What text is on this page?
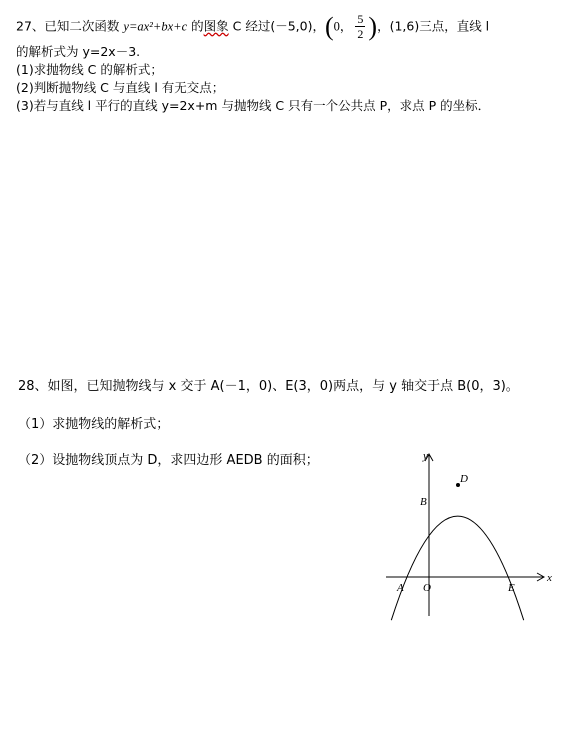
27、已知二次函数 y=ax²+bx+c 的图象 C 经过(－5,0)，(0， $\frac{5}{2}$ )，(1,6)三点，直线 l
的解析式为 y=2x－3.
(1)求抛物线 C 的解析式；
(2)判断抛物线 C 与直线 l 有无交点；
(3)若与直线 l 平行的直线 y=2x+m 与抛物线 C 只有一个公共点 P，求点 P 的坐标．
28、如图，已知抛物线与 x 交于 A(－1，0)、E(3，0)两点，与 y 轴交于点 B(0，3)。
（1）求抛物线的解析式；
（2）设抛物线顶点为 D，求四边形 AEDB 的面积；
x
y
A O	E
B
D
